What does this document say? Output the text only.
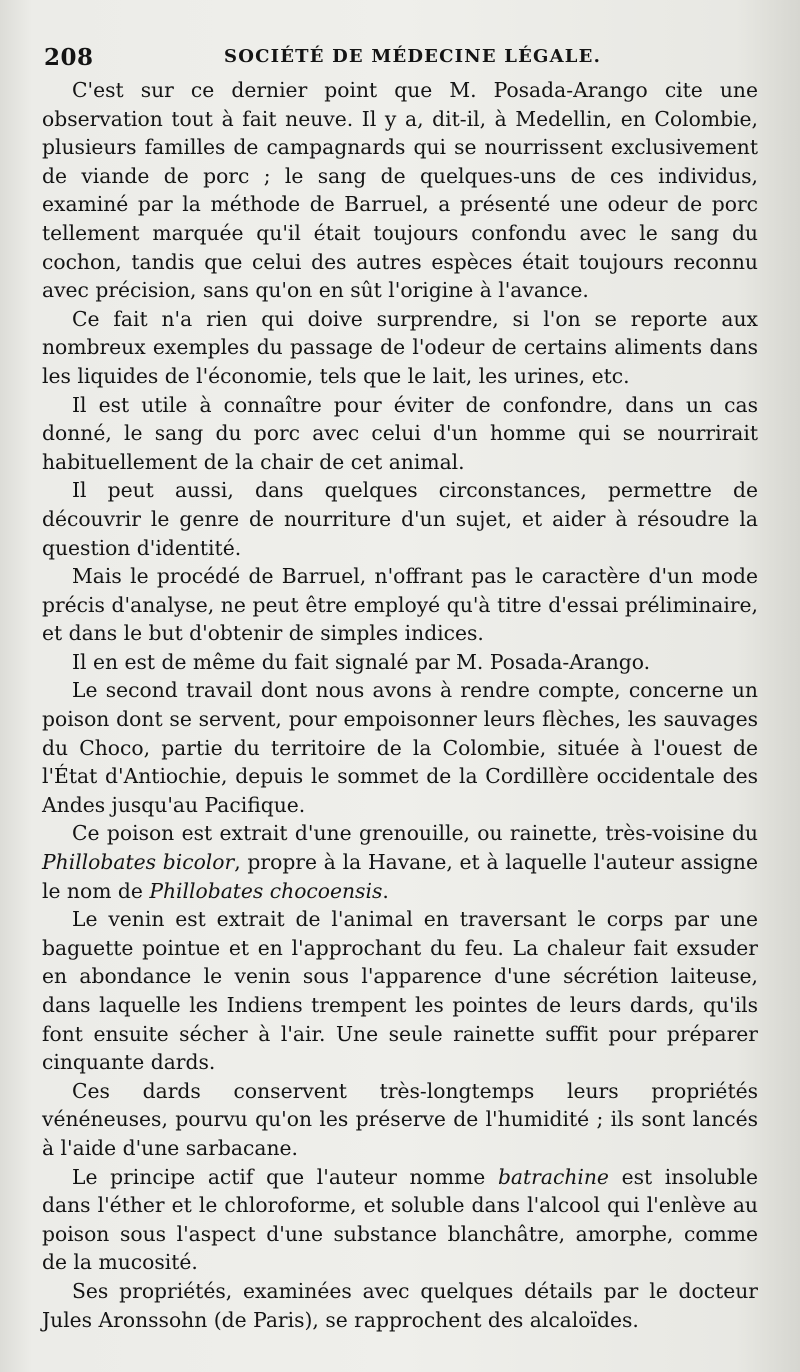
208	SOCIÉTÉ DE MÉDECINE LÉGALE.

C'est sur ce dernier point que M. Posada-Arango cite une observation tout à fait neuve. Il y a, dit-il, à Medellin, en Colombie, plusieurs familles de campagnards qui se nourrissent exclusivement de viande de porc ; le sang de quelques-uns de ces individus, examiné par la méthode de Barruel, a présenté une odeur de porc tellement marquée qu'il était toujours confondu avec le sang du cochon, tandis que celui des autres espèces était toujours reconnu avec précision, sans qu'on en sût l'origine à l'avance.

Ce fait n'a rien qui doive surprendre, si l'on se reporte aux nombreux exemples du passage de l'odeur de certains aliments dans les liquides de l'économie, tels que le lait, les urines, etc.

Il est utile à connaître pour éviter de confondre, dans un cas donné, le sang du porc avec celui d'un homme qui se nourrirait habituellement de la chair de cet animal.

Il peut aussi, dans quelques circonstances, permettre de découvrir le genre de nourriture d'un sujet, et aider à résoudre la question d'identité.

Mais le procédé de Barruel, n'offrant pas le caractère d'un mode précis d'analyse, ne peut être employé qu'à titre d'essai préliminaire, et dans le but d'obtenir de simples indices.

Il en est de même du fait signalé par M. Posada-Arango.

Le second travail dont nous avons à rendre compte, concerne un poison dont se servent, pour empoisonner leurs flèches, les sauvages du Choco, partie du territoire de la Colombie, située à l'ouest de l'État d'Antiochie, depuis le sommet de la Cordillère occidentale des Andes jusqu'au Pacifique.

Ce poison est extrait d'une grenouille, ou rainette, très-voisine du Phillobates bicolor, propre à la Havane, et à laquelle l'auteur assigne le nom de Phillobates chocoensis.

Le venin est extrait de l'animal en traversant le corps par une baguette pointue et en l'approchant du feu. La chaleur fait exsuder en abondance le venin sous l'apparence d'une sécrétion laiteuse, dans laquelle les Indiens trempent les pointes de leurs dards, qu'ils font ensuite sécher à l'air. Une seule rainette suffit pour préparer cinquante dards.

Ces dards conservent très-longtemps leurs propriétés vénéneuses, pourvu qu'on les préserve de l'humidité ; ils sont lancés à l'aide d'une sarbacane.

Le principe actif que l'auteur nomme batrachine est insoluble dans l'éther et le chloroforme, et soluble dans l'alcool qui l'enlève au poison sous l'aspect d'une substance blanchâtre, amorphe, comme de la mucosité.

Ses propriétés, examinées avec quelques détails par le docteur Jules Aronssohn (de Paris), se rapprochent des alcaloïdes.
